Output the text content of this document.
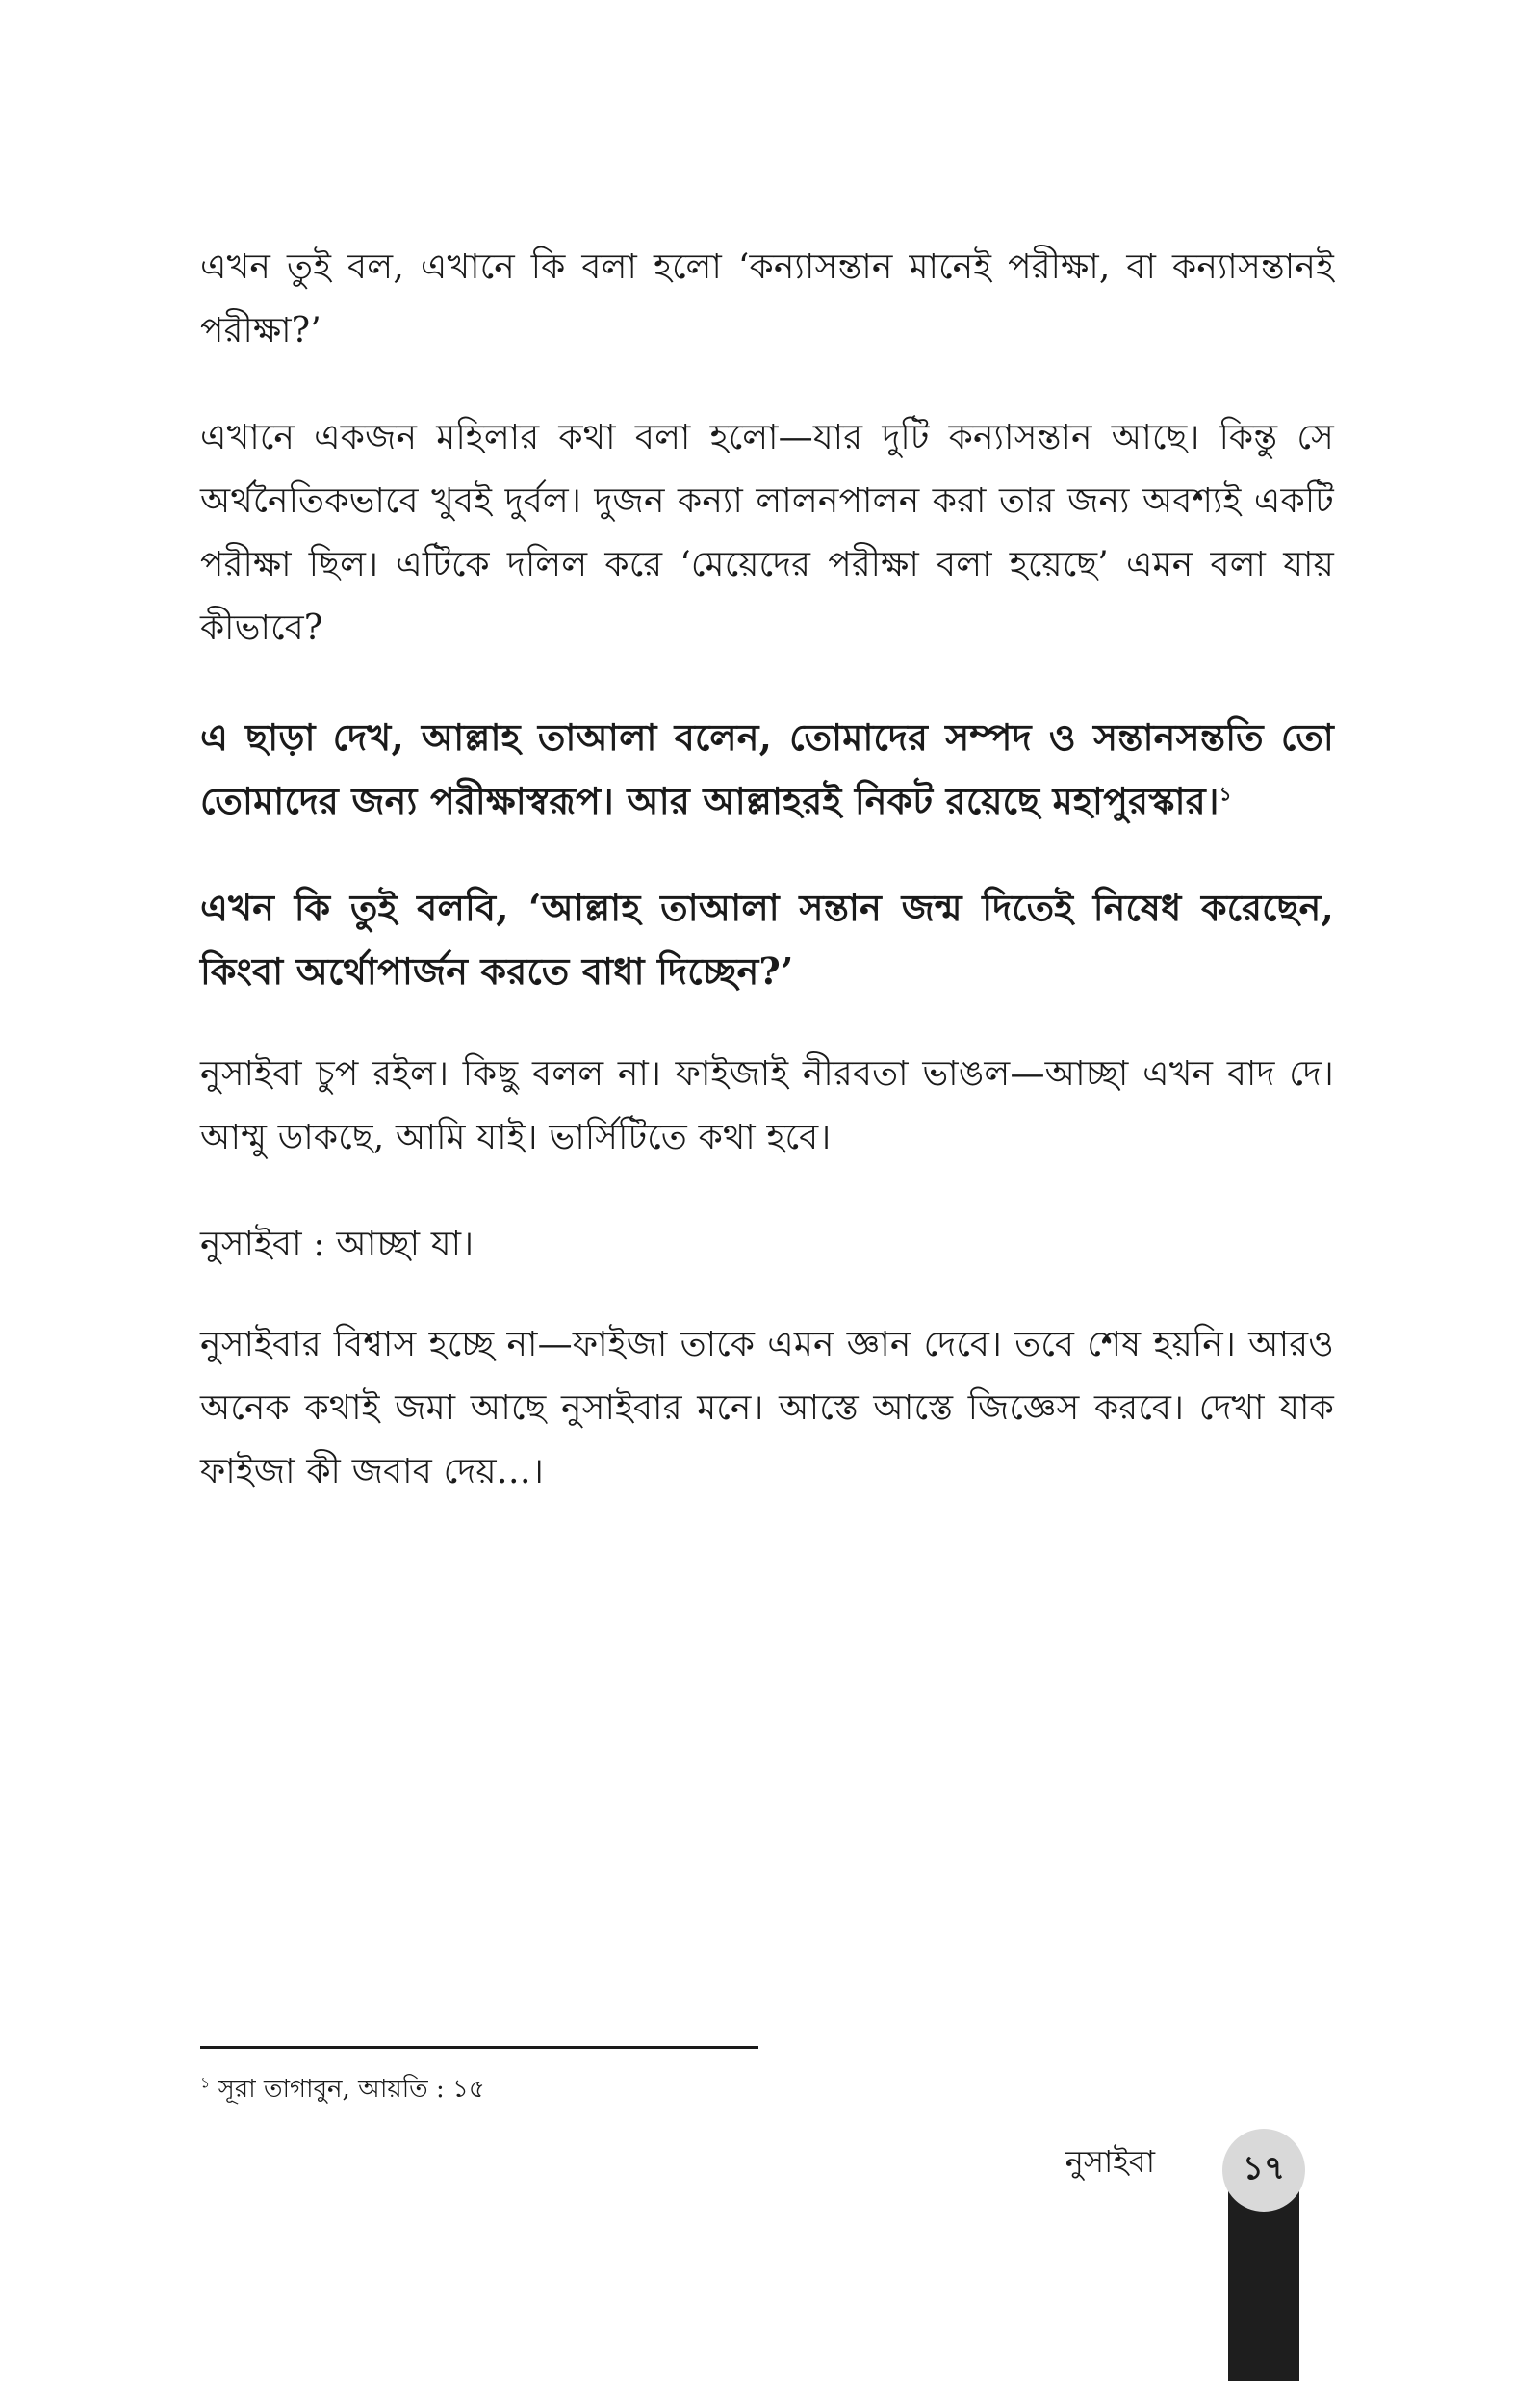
এখন তুই বল, এখানে কি বলা হলো ‘কন্যাসন্তান মানেই পরীক্ষা, বা কন্যাসন্তানই পরীক্ষা?’

এখানে একজন মহিলার কথা বলা হলো—যার দুটি কন্যাসন্তান আছে। কিন্তু সে অর্থনৈতিকভাবে খুবই দুর্বল। দুজন কন্যা লালনপালন করা তার জন্য অবশ্যই একটি পরীক্ষা ছিল। এটিকে দলিল করে ‘মেয়েদের পরীক্ষা বলা হয়েছে’ এমন বলা যায় কীভাবে?

এ ছাড়া দেখ, আল্লাহ তাআলা বলেন, তোমাদের সম্পদ ও সন্তানসন্ততি তো তোমাদের জন্য পরীক্ষাস্বরূপ। আর আল্লাহরই নিকট রয়েছে মহাপুরস্কার।$^১$

এখন কি তুই বলবি, ‘আল্লাহ তাআলা সন্তান জন্ম দিতেই নিষেধ করেছেন, কিংবা অর্থোপার্জন করতে বাধা দিচ্ছেন?’

নুসাইবা চুপ রইল। কিছু বলল না। ফাইজাই নীরবতা ভাঙল—আচ্ছা এখন বাদ দে। আম্মু ডাকছে, আমি যাই। ভার্সিটিতে কথা হবে।

নুসাইবা : আচ্ছা যা।

নুসাইবার বিশ্বাস হচ্ছে না—ফাইজা তাকে এমন জ্ঞান দেবে। তবে শেষ হয়নি। আরও অনেক কথাই জমা আছে নুসাইবার মনে। আস্তে আস্তে জিজ্ঞেস করবে। দেখা যাক ফাইজা কী জবাব দেয়…।

$^১$ সূরা তাগাবুন, আয়তি : ১৫

নুসাইবা	১৭
